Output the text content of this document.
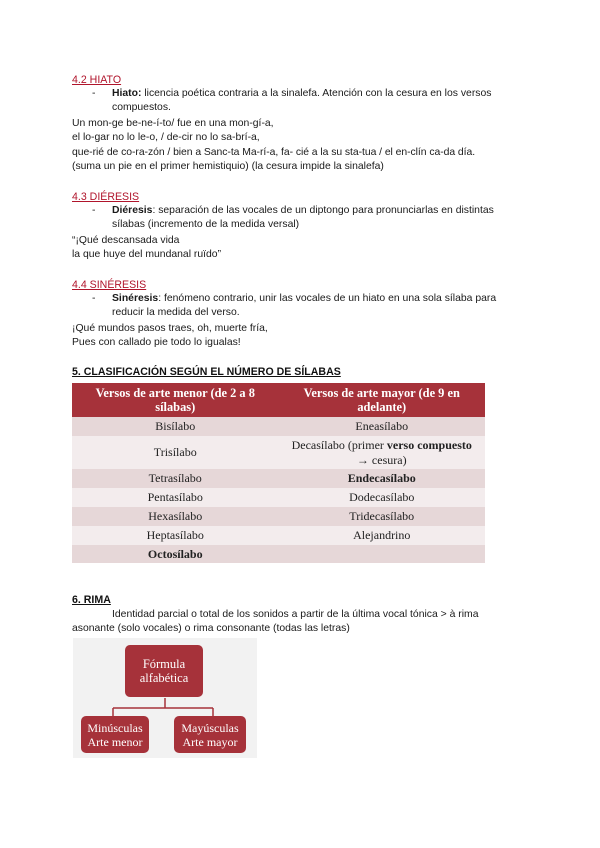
4.2 HIATO
-	Hiato: licencia poética contraria a la sinalefa. Atención con la cesura en los versos
compuestos.
Un mon-ge be-ne-í-to/ fue en una mon-gí-a,
el lo-gar no lo le-o, / de-cir no lo sa-brí-a,
que-rié de co-ra-zón / bien a Sanc-ta Ma-rí-a, fa- cié a la su sta-tua / el en-clín ca-da día.
(suma un pie en el primer hemistiquio) (la cesura impide la sinalefa)
4.3 DIÉRESIS
-	Diéresis: separación de las vocales de un diptongo para pronunciarlas en distintas
sílabas (incremento de la medida versal)
“¡Qué descansada vida
la que huye del mundanal ruïdo”
4.4 SINÉRESIS
-	Sinéresis: fenómeno contrario, unir las vocales de un hiato en una sola sílaba para
reducir la medida del verso.
¡Qué mundos pasos traes, oh, muerte fría,
Pues con callado pie todo lo igualas!
5. CLASIFICACIÓN SEGÚN EL NÚMERO DE SÍLABAS
Versos de arte menor (de 2 a 8 sílabas)	Versos de arte mayor (de 9 en adelante)
Bisílabo	Eneasílabo
Trisílabo	Decasílabo (primer verso compuesto → cesura)
Tetrasílabo	Endecasílabo
Pentasílabo	Dodecasílabo
Hexasílabo	Tridecasílabo
Heptasílabo	Alejandrino
Octosílabo	
6. RIMA
Identidad parcial o total de los sonidos a partir de la última vocal tónica > à rima
asonante (solo vocales) o rima consonante (todas las letras)
Fórmula
alfabética
Minúsculas
Arte menor
Mayúsculas
Arte mayor
